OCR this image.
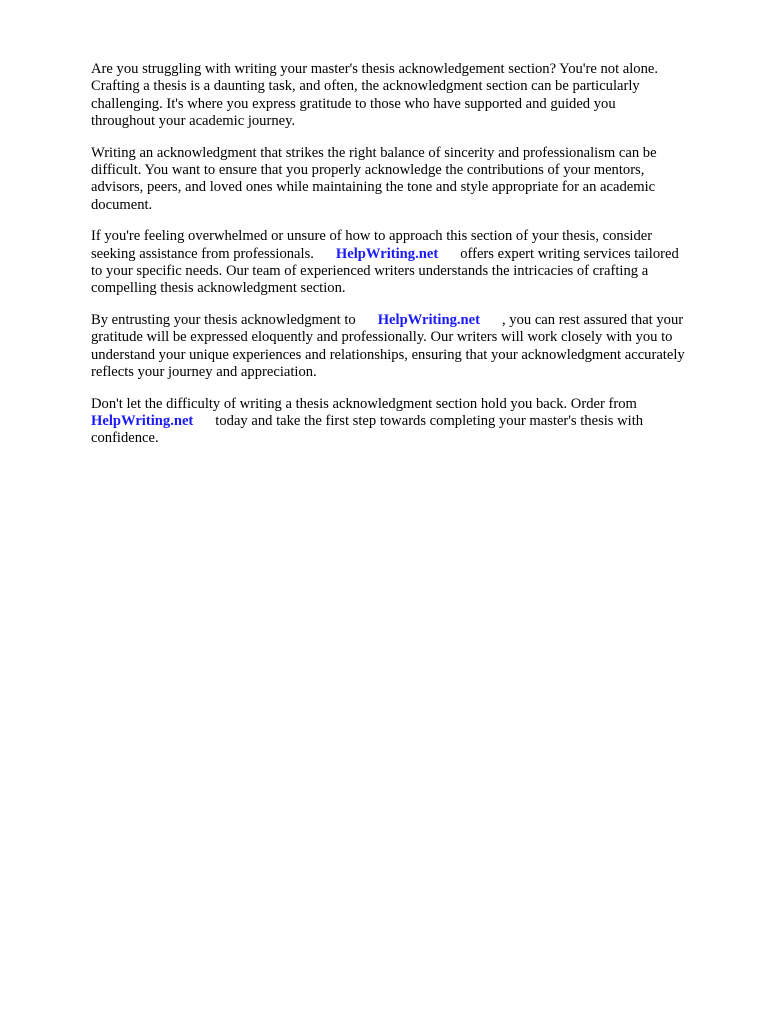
Are you struggling with writing your master's thesis acknowledgement section? You're not alone.
Crafting a thesis is a daunting task, and often, the acknowledgment section can be particularly
challenging. It's where you express gratitude to those who have supported and guided you
throughout your academic journey.

Writing an acknowledgment that strikes the right balance of sincerity and professionalism can be
difficult. You want to ensure that you properly acknowledge the contributions of your mentors,
advisors, peers, and loved ones while maintaining the tone and style appropriate for an academic
document.

If you're feeling overwhelmed or unsure of how to approach this section of your thesis, consider
seeking assistance from professionals. HelpWriting.net offers expert writing services tailored
to your specific needs. Our team of experienced writers understands the intricacies of crafting a
compelling thesis acknowledgment section.

By entrusting your thesis acknowledgment to HelpWriting.net , you can rest assured that your
gratitude will be expressed eloquently and professionally. Our writers will work closely with you to
understand your unique experiences and relationships, ensuring that your acknowledgment accurately
reflects your journey and appreciation.

Don't let the difficulty of writing a thesis acknowledgment section hold you back. Order from
HelpWriting.net today and take the first step towards completing your master's thesis with
confidence.
